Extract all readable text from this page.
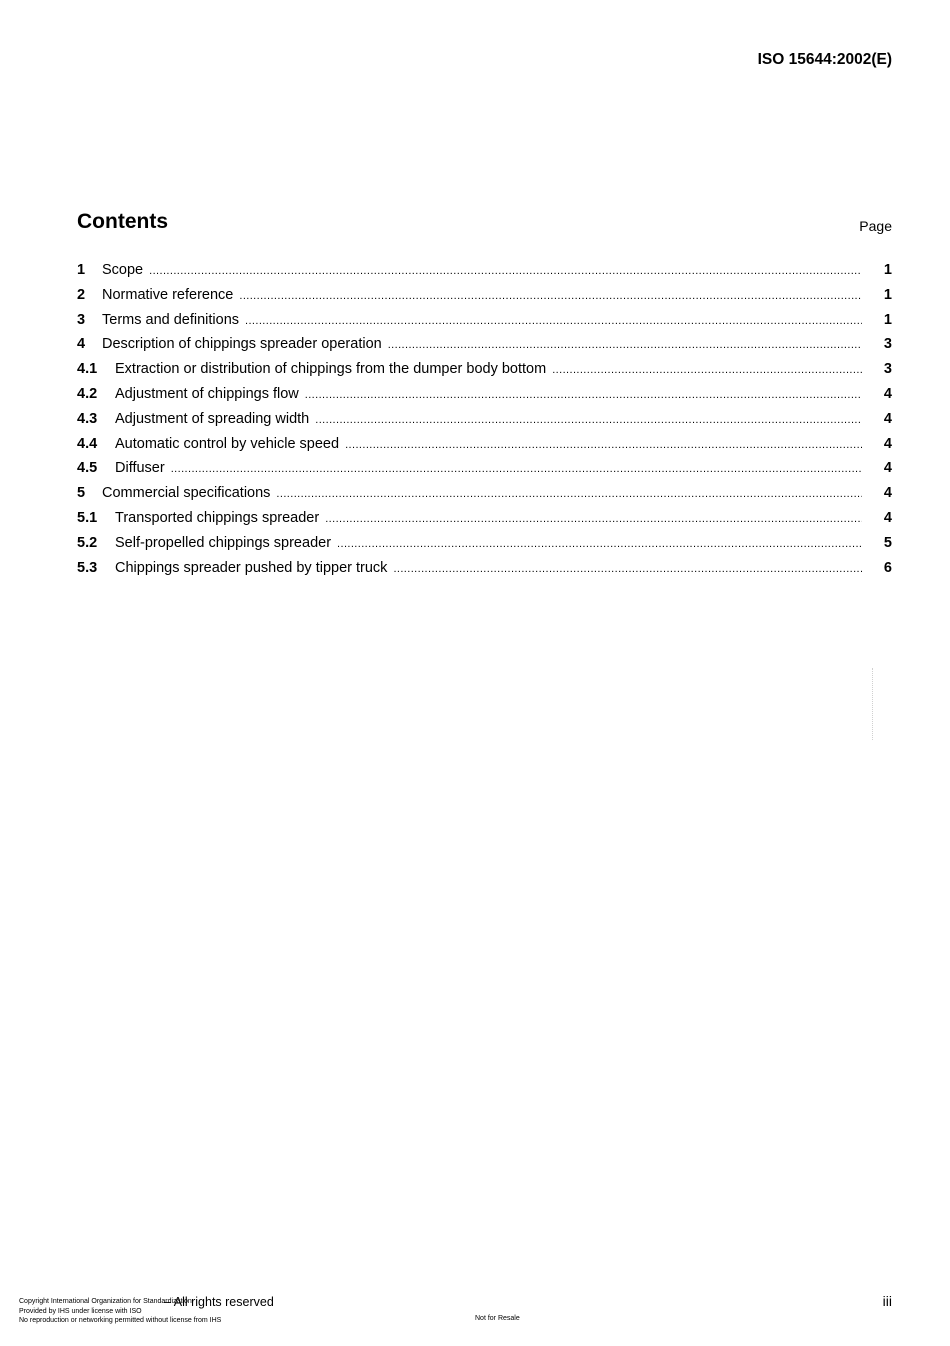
ISO 15644:2002(E)
Contents	Page
1	Scope .....	1
2	Normative reference .....	1
3	Terms and definitions .....	1
4	Description of chippings spreader operation .....	3
4.1	Extraction or distribution of chippings from the dumper body bottom .....	3
4.2	Adjustment of chippings flow .....	4
4.3	Adjustment of spreading width .....	4
4.4	Automatic control by vehicle speed .....	4
4.5	Diffuser .....	4
5	Commercial specifications .....	4
5.1	Transported chippings spreader .....	4
5.2	Self-propelled chippings spreader .....	5
5.3	Chippings spreader pushed by tipper truck .....	6
– All rights reserved
Copyright International Organization for Standardization
Provided by IHS under license with ISO
No reproduction or networking permitted without license from IHS	Not for Resale
iii
